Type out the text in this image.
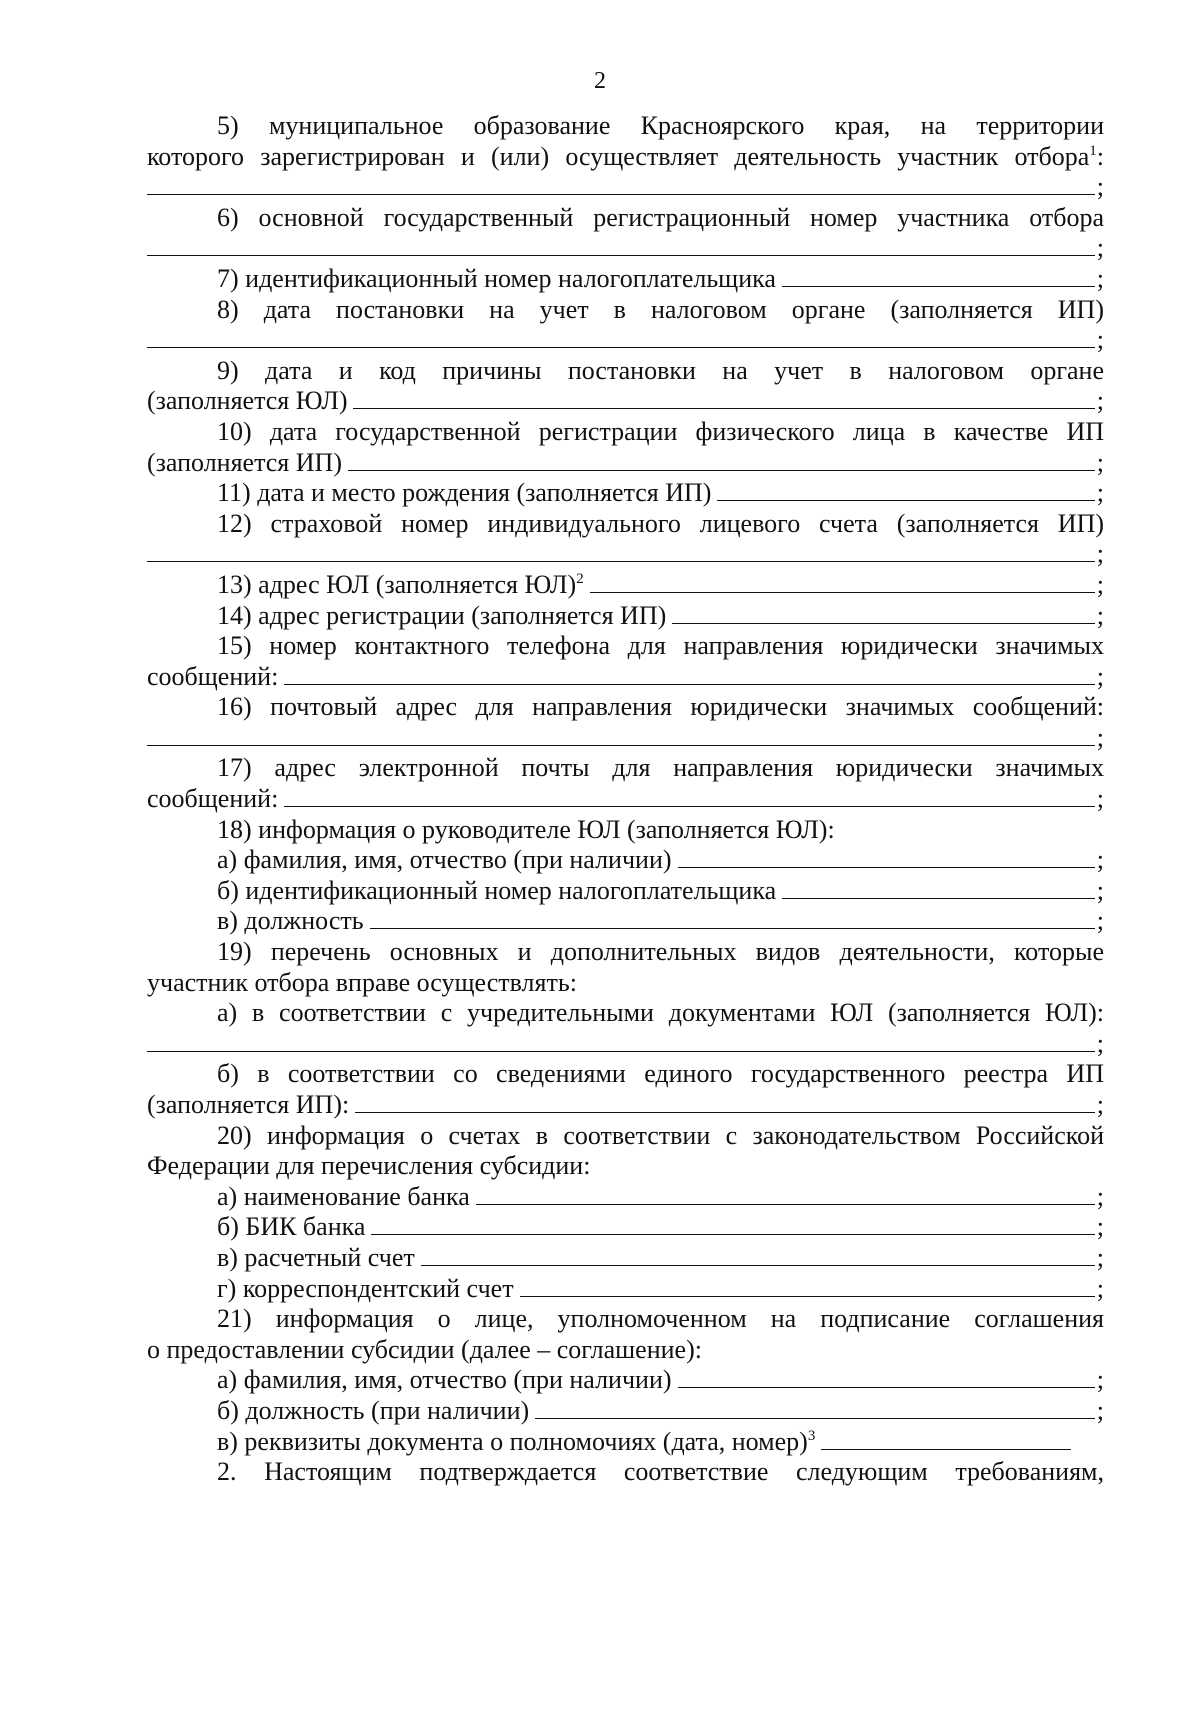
2
5) муниципальное образование Красноярского края, на территории
которого зарегистрирован и (или) осуществляет деятельность участник отбора$^1$:
;
6) основной государственный регистрационный номер участника отбора
;
7) идентификационный номер налогоплательщика	;
8) дата постановки на учет в налоговом органе (заполняется ИП)
;
9) дата и код причины постановки на учет в налоговом органе
(заполняется ЮЛ)	;
10) дата государственной регистрации физического лица в качестве ИП
(заполняется ИП)	;
11) дата и место рождения (заполняется ИП)	;
12) страховой номер индивидуального лицевого счета (заполняется ИП)
;
13) адрес ЮЛ (заполняется ЮЛ)$^2$	;
14) адрес регистрации (заполняется ИП)	;
15) номер контактного телефона для направления юридически значимых
сообщений:	;
16) почтовый адрес для направления юридически значимых сообщений:
;
17) адрес электронной почты для направления юридически значимых
сообщений:	;
18) информация о руководителе ЮЛ (заполняется ЮЛ):
а) фамилия, имя, отчество (при наличии)	;
б) идентификационный номер налогоплательщика	;
в) должность	;
19) перечень основных и дополнительных видов деятельности, которые
участник отбора вправе осуществлять:
а) в соответствии с учредительными документами ЮЛ (заполняется ЮЛ):
;
б) в соответствии со сведениями единого государственного реестра ИП
(заполняется ИП):	;
20) информация о счетах в соответствии с законодательством Российской
Федерации для перечисления субсидии:
а) наименование банка	;
б) БИК банка	;
в) расчетный счет	;
г) корреспондентский счет	;
21) информация о лице, уполномоченном на подписание соглашения
о предоставлении субсидии (далее – соглашение):
а) фамилия, имя, отчество (при наличии)	;
б) должность (при наличии)	;
в) реквизиты документа о полномочиях (дата, номер)$^3$
2. Настоящим подтверждается соответствие следующим требованиям,
